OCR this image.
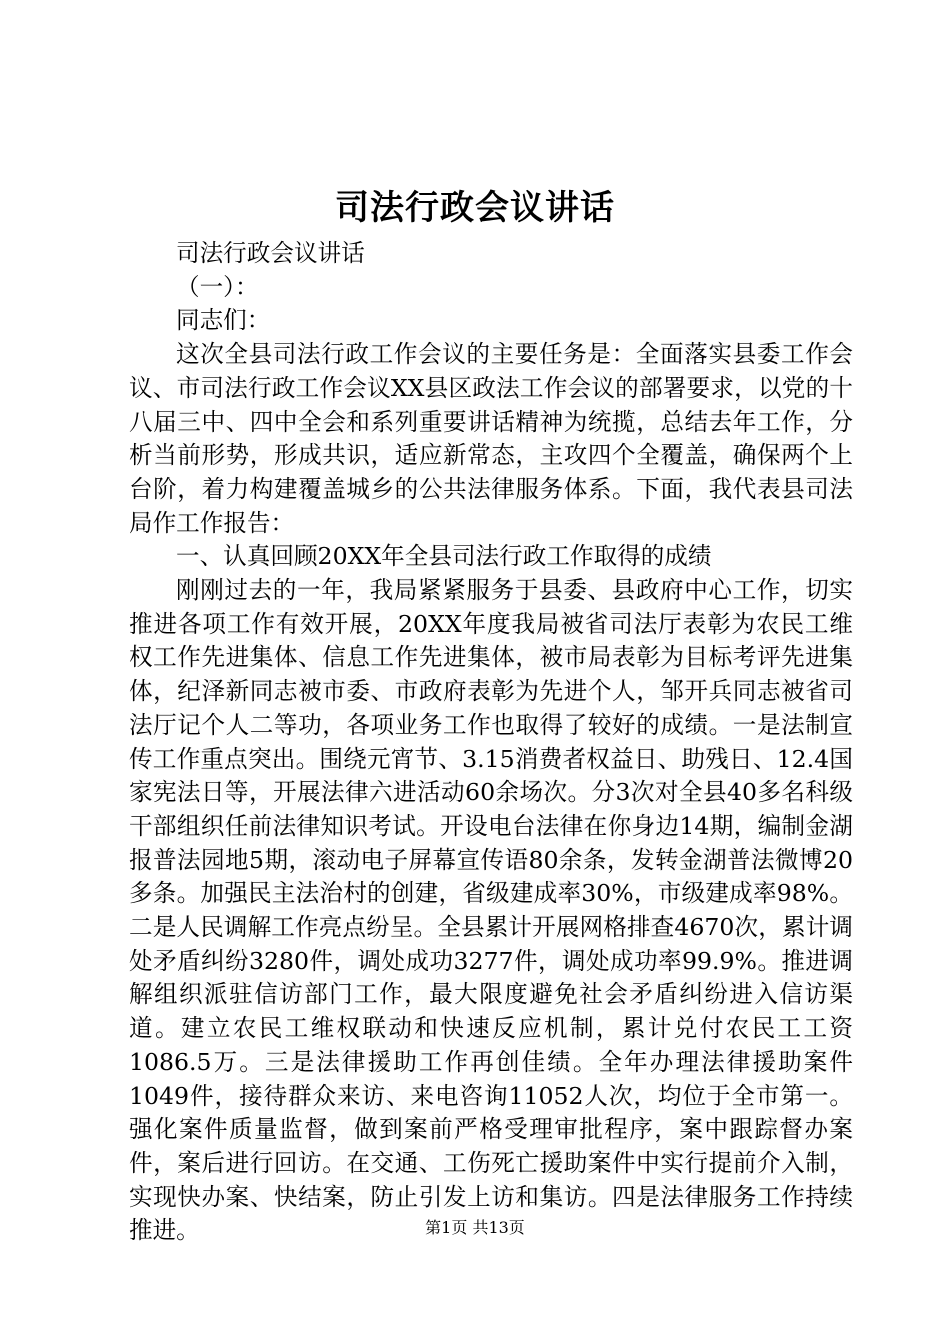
司法行政会议讲话

司法行政会议讲话

（一）：

同志们：

这次全县司法行政工作会议的主要任务是：全面落实县委工作会议、市司法行政工作会议XX县区政法工作会议的部署要求，以党的十八届三中、四中全会和系列重要讲话精神为统揽，总结去年工作，分析当前形势，形成共识，适应新常态，主攻四个全覆盖，确保两个上台阶，着力构建覆盖城乡的公共法律服务体系。下面，我代表县司法局作工作报告：

一、认真回顾20XX年全县司法行政工作取得的成绩

刚刚过去的一年，我局紧紧服务于县委、县政府中心工作，切实推进各项工作有效开展，20XX年度我局被省司法厅表彰为农民工维权工作先进集体、信息工作先进集体，被市局表彰为目标考评先进集体，纪泽新同志被市委、市政府表彰为先进个人，邹开兵同志被省司法厅记个人二等功，各项业务工作也取得了较好的成绩。一是法制宣传工作重点突出。围绕元宵节、3.15消费者权益日、助残日、12.4国家宪法日等，开展法律六进活动60余场次。分3次对全县40多名科级干部组织任前法律知识考试。开设电台法律在你身边14期，编制金湖报普法园地5期，滚动电子屏幕宣传语80余条，发转金湖普法微博20多条。加强民主法治村的创建，省级建成率30%，市级建成率98%。二是人民调解工作亮点纷呈。全县累计开展网格排查4670次，累计调处矛盾纠纷3280件，调处成功3277件，调处成功率99.9%。推进调解组织派驻信访部门工作，最大限度避免社会矛盾纠纷进入信访渠道。建立农民工维权联动和快速反应机制，累计兑付农民工工资1086.5万。三是法律援助工作再创佳绩。全年办理法律援助案件1049件，接待群众来访、来电咨询11052人次，均位于全市第一。强化案件质量监督，做到案前严格受理审批程序，案中跟踪督办案件，案后进行回访。在交通、工伤死亡援助案件中实行提前介入制，实现快办案、快结案，防止引发上访和集访。四是法律服务工作持续推进。	第1页 共13页
